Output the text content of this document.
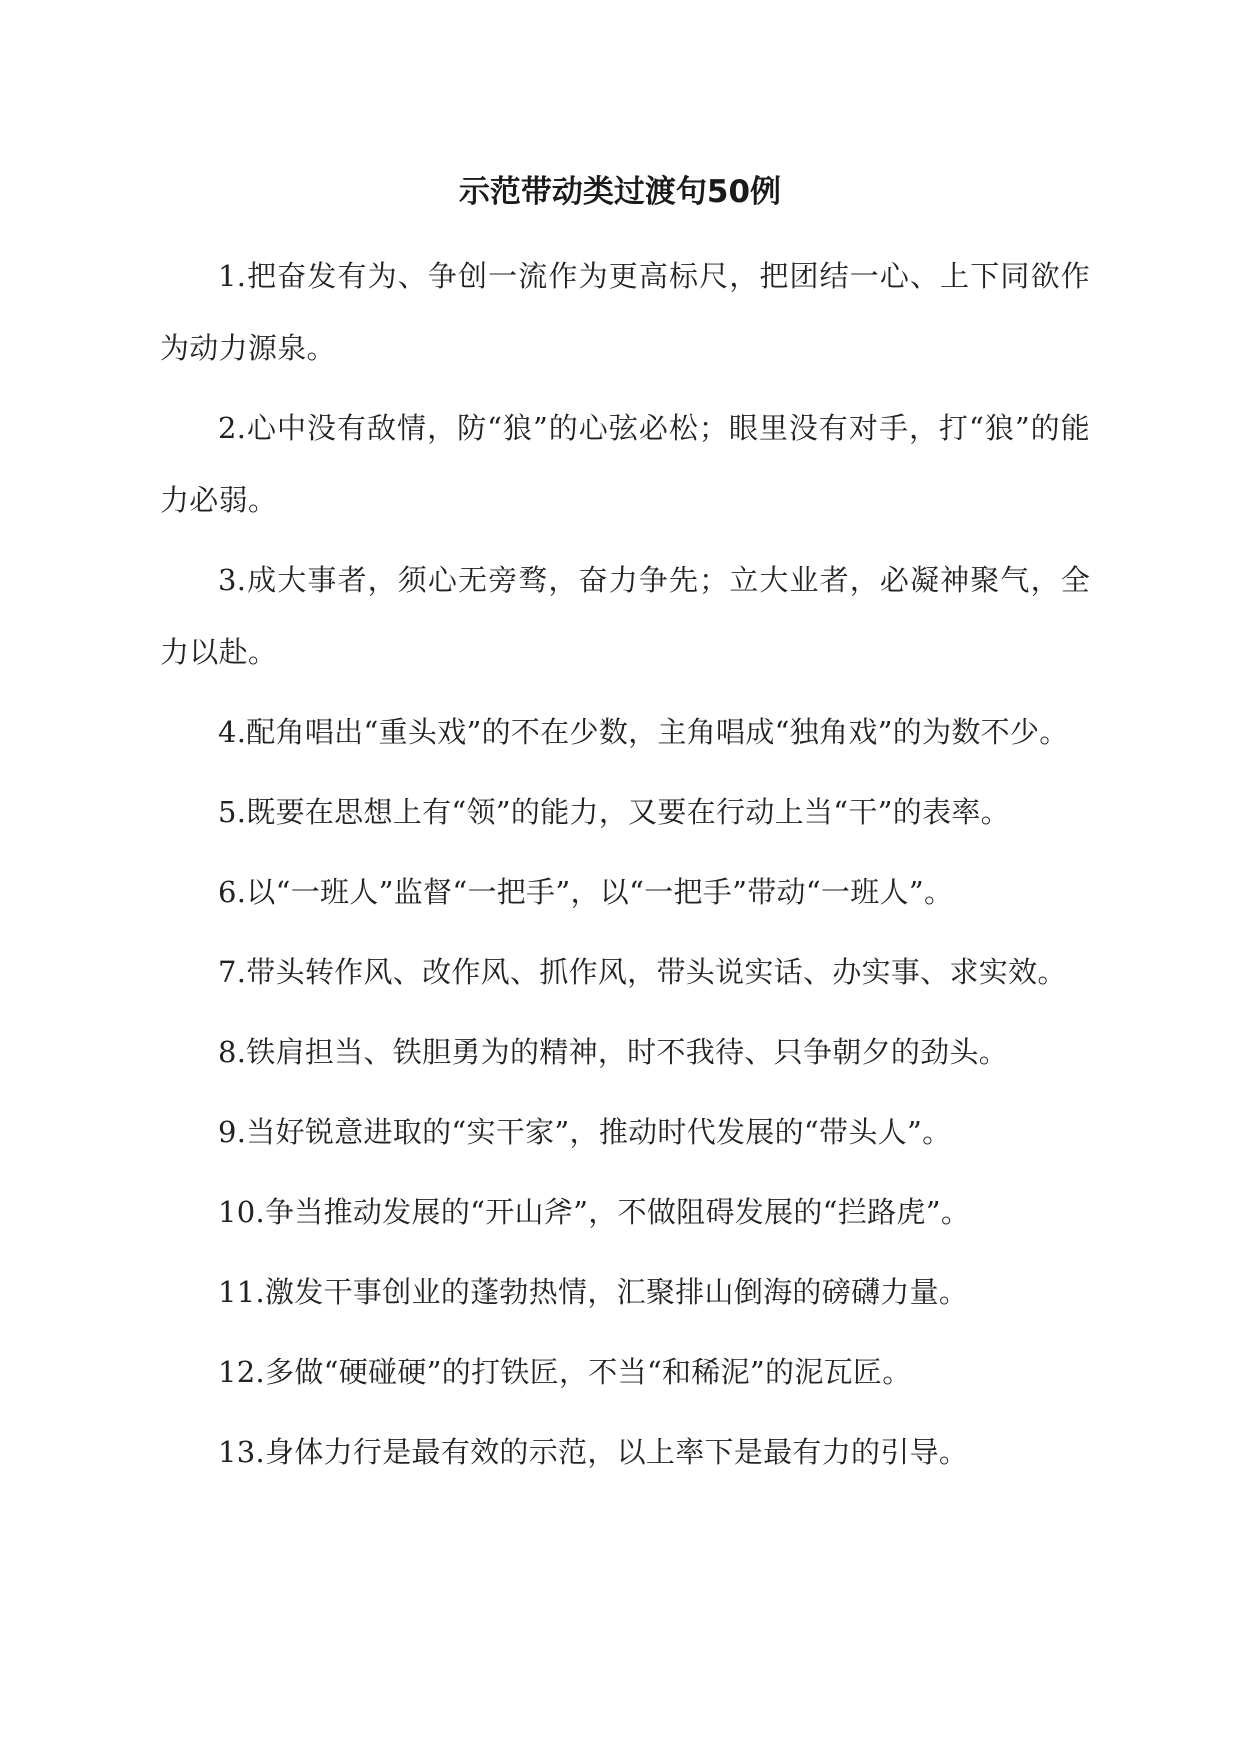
示范带动类过渡句50例

1.把奋发有为、争创一流作为更高标尺，把团结一心、上下同欲作为动力源泉。

2.心中没有敌情，防“狼”的心弦必松；眼里没有对手，打“狼”的能力必弱。

3.成大事者，须心无旁骛，奋力争先；立大业者，必凝神聚气，全力以赴。

4.配角唱出“重头戏”的不在少数，主角唱成“独角戏”的为数不少。

5.既要在思想上有“领”的能力，又要在行动上当“干”的表率。

6.以“一班人”监督“一把手”，以“一把手”带动“一班人”。

7.带头转作风、改作风、抓作风，带头说实话、办实事、求实效。

8.铁肩担当、铁胆勇为的精神，时不我待、只争朝夕的劲头。

9.当好锐意进取的“实干家”，推动时代发展的“带头人”。

10.争当推动发展的“开山斧”，不做阻碍发展的“拦路虎”。

11.激发干事创业的蓬勃热情，汇聚排山倒海的磅礴力量。

12.多做“硬碰硬”的打铁匠，不当“和稀泥”的泥瓦匠。

13.身体力行是最有效的示范，以上率下是最有力的引导。
